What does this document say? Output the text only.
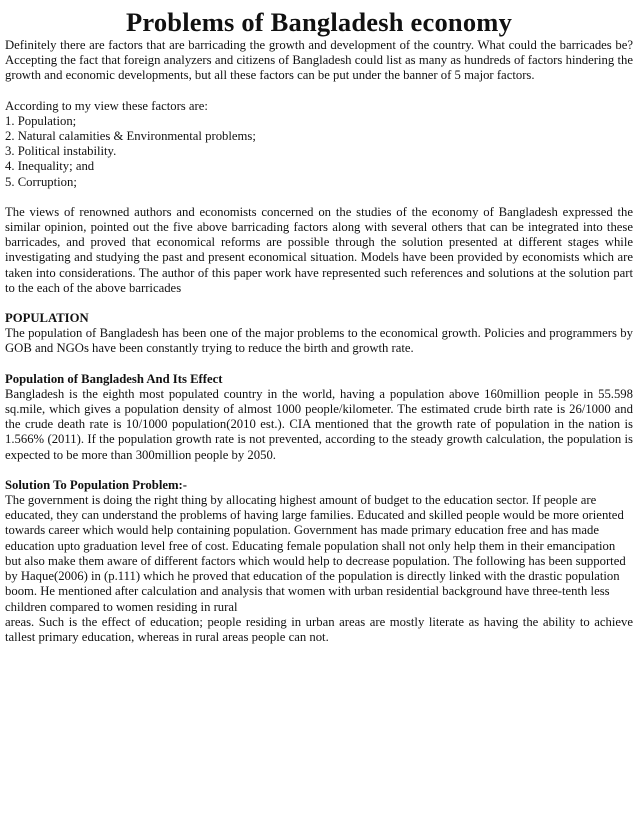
Problems of Bangladesh economy

Definitely there are factors that are barricading the growth and development of the country. What could the barricades be? Accepting the fact that foreign analyzers and citizens of Bangladesh could list as many as hundreds of factors hindering the growth and economic developments, but all these factors can be put under the banner of 5 major factors.

According to my view these factors are:

1. Population;
2. Natural calamities & Environmental problems;
3. Political instability.
4. Inequality; and
5. Corruption;

The views of renowned authors and economists concerned on the studies of the economy of Bangladesh expressed the similar opinion, pointed out the five above barricading factors along with several others that can be integrated into these barricades, and proved that economical reforms are possible through the solution presented at different stages while investigating and studying the past and present economical situation. Models have been provided by economists which are taken into considerations. The author of this paper work have represented such references and solutions at the solution part to the each of the above barricades

POPULATION

The population of Bangladesh has been one of the major problems to the economical growth. Policies and programmers by GOB and NGOs have been constantly trying to reduce the birth and growth rate.

Population of Bangladesh And Its Effect

Bangladesh is the eighth most populated country in the world, having a population above 160million people in 55.598 sq.mile, which gives a population density of almost 1000 people/kilometer. The estimated crude birth rate is 26/1000 and the crude death rate is 10/1000 population(2010 est.). CIA mentioned that the growth rate of population in the nation is 1.566% (2011). If the population growth rate is not prevented, according to the steady growth calculation, the population is expected to be more than 300million people by 2050.

Solution To Population Problem:-

The government is doing the right thing by allocating highest amount of budget to the education sector. If people are educated, they can understand the problems of having large families. Educated and skilled people would be more oriented towards career which would help containing population. Government has made primary education free and has made education upto graduation level free of cost. Educating female population shall not only help them in their emancipation but also make them aware of different factors which would help to decrease population. The following has been supported by Haque(2006) in (p.111) which he proved that education of the population is directly linked with the drastic population boom. He mentioned after calculation and analysis that women with urban residential background have three-tenth less children compared to women residing in rural

areas. Such is the effect of education; people residing in urban areas are mostly literate as having the ability to achieve tallest primary education, whereas in rural areas people can not.
